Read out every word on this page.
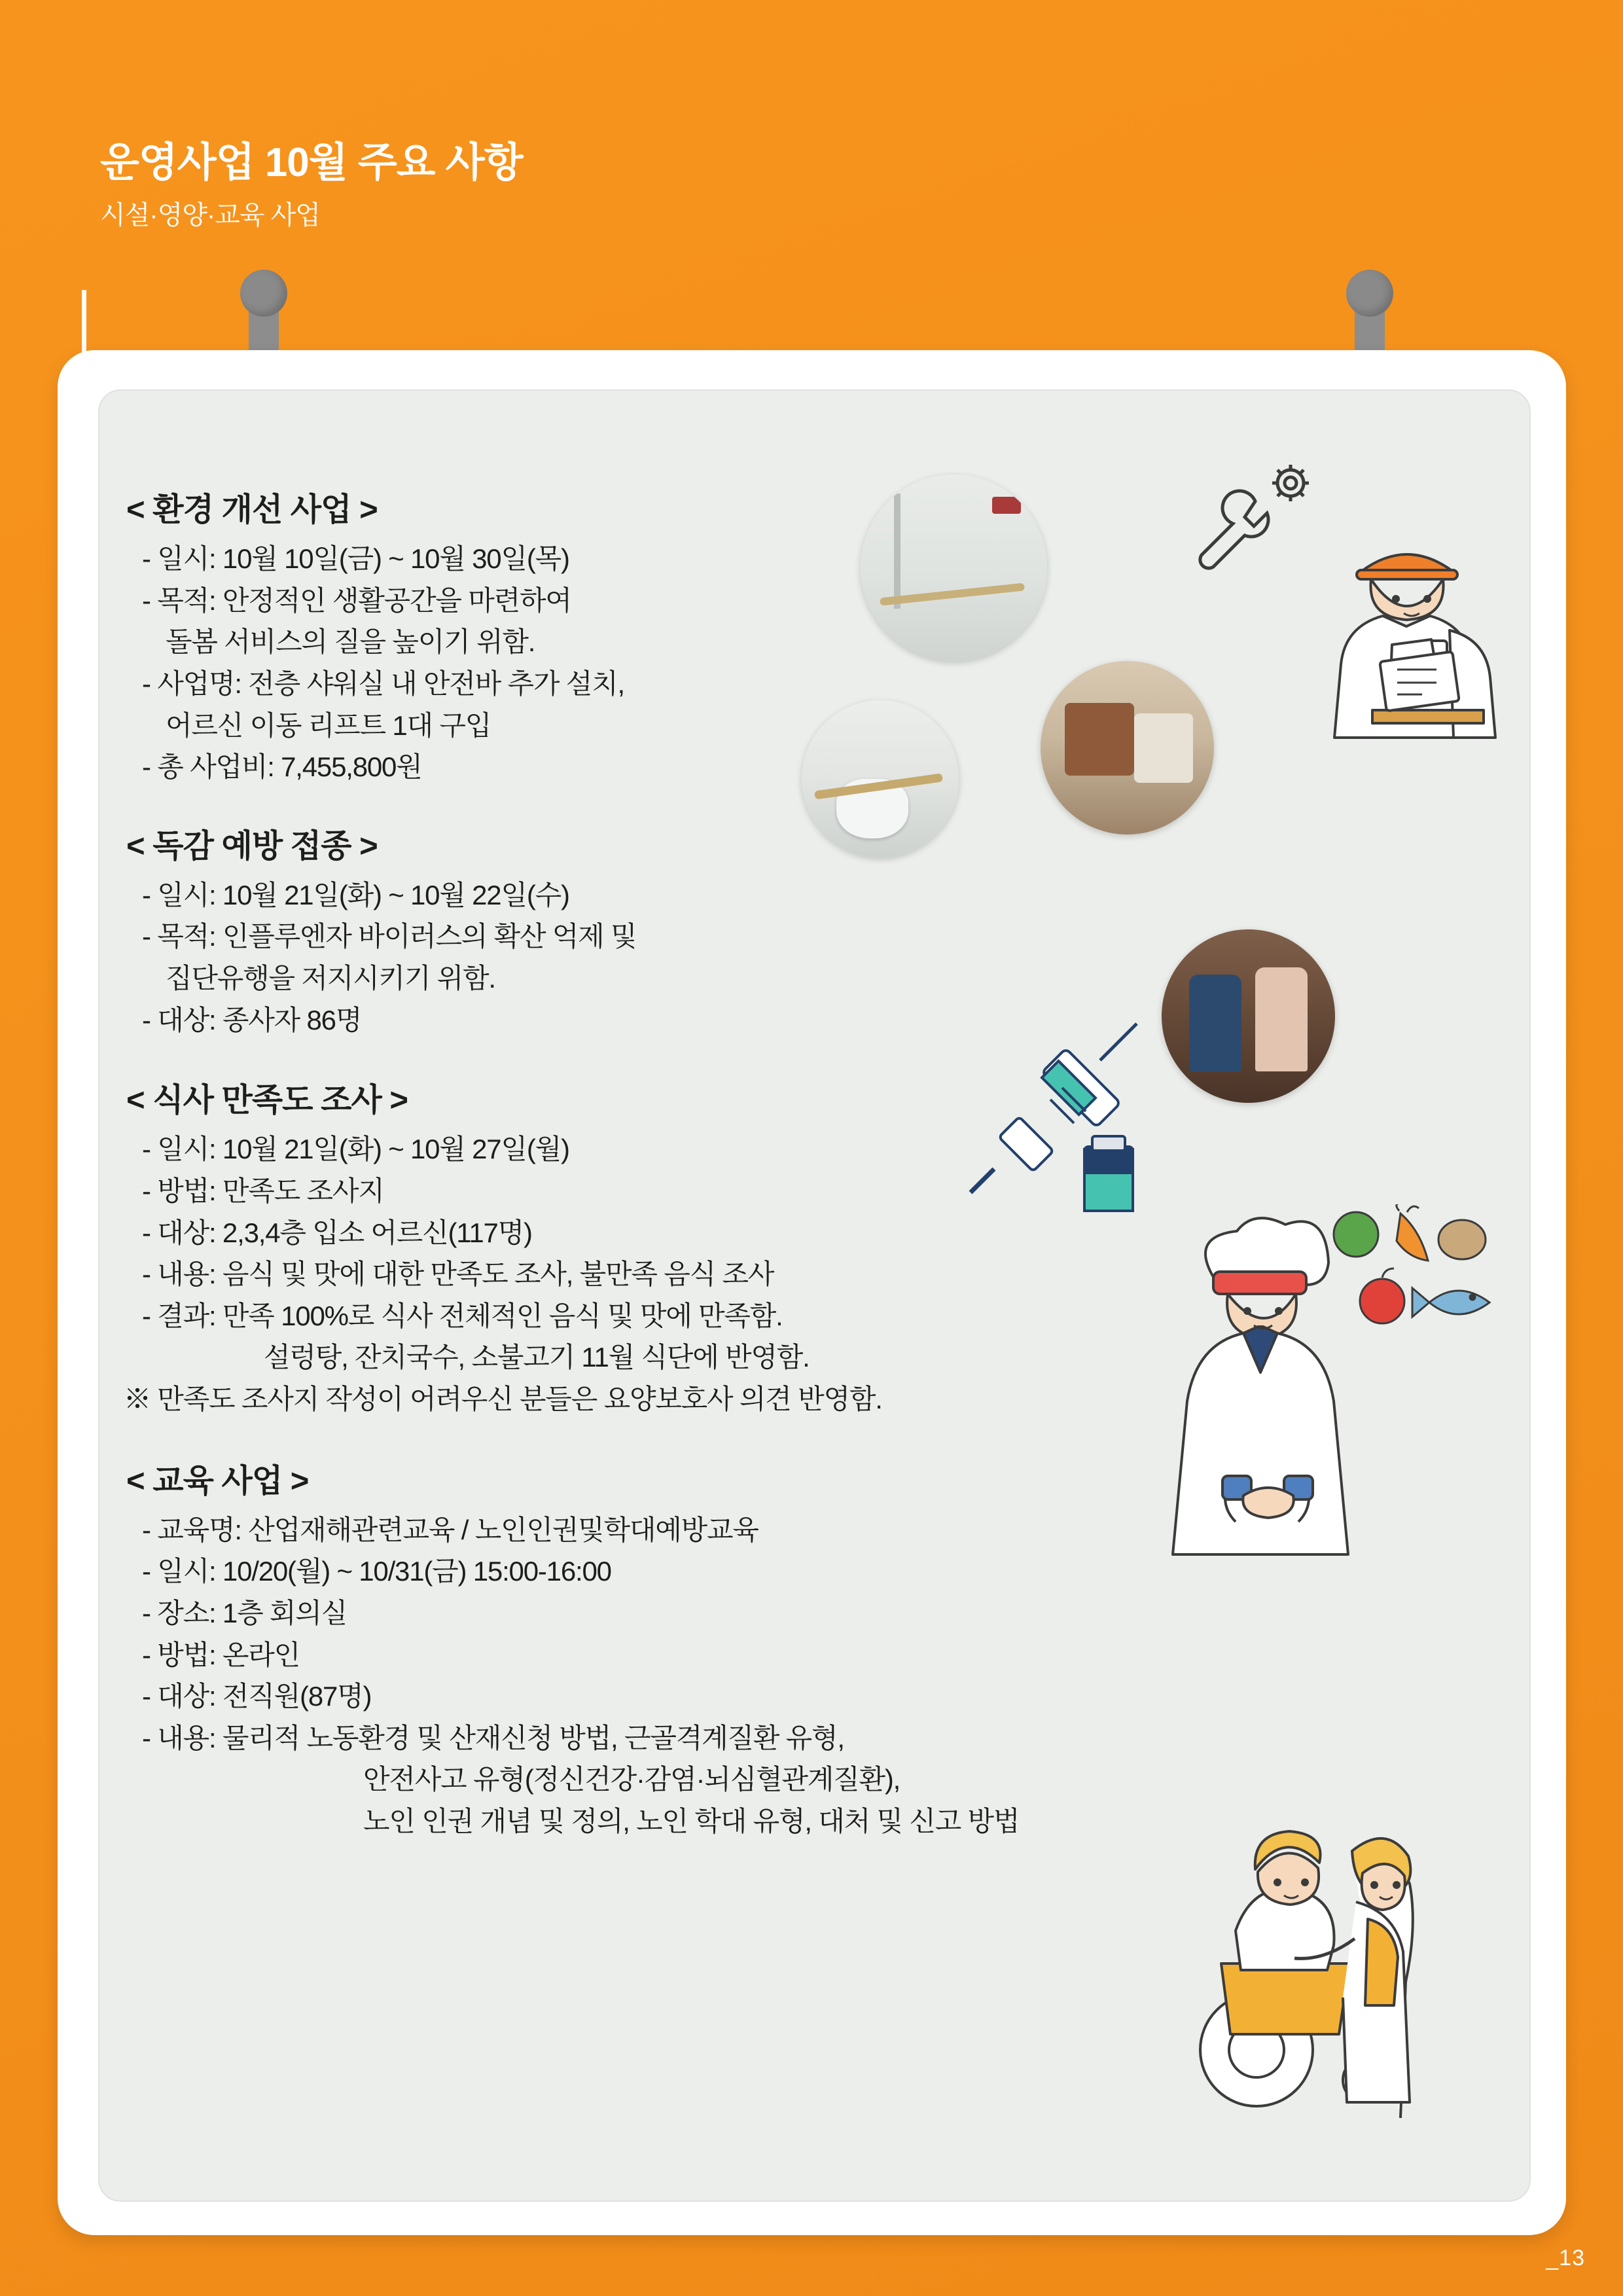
운영사업 10월 주요 사항
시설·영양·교육 사업
< 환경 개선 사업 >
- 일시: 10월 10일(금) ~ 10월 30일(목)
- 목적: 안정적인 생활공간을 마련하여
돌봄 서비스의 질을 높이기 위함.
- 사업명: 전층 샤워실 내 안전바 추가 설치,
어르신 이동 리프트 1대 구입
- 총 사업비: 7,455,800원
< 독감 예방 접종 >
- 일시: 10월 21일(화) ~ 10월 22일(수)
- 목적: 인플루엔자 바이러스의 확산 억제 및
집단유행을 저지시키기 위함.
- 대상: 종사자 86명
< 식사 만족도 조사 >
- 일시: 10월 21일(화) ~ 10월 27일(월)
- 방법: 만족도 조사지
- 대상: 2,3,4층 입소 어르신(117명)
- 내용: 음식 및 맛에 대한 만족도 조사, 불만족 음식 조사
- 결과: 만족 100%로 식사 전체적인 음식 및 맛에 만족함.
설렁탕, 잔치국수, 소불고기 11월 식단에 반영함.
※ 만족도 조사지 작성이 어려우신 분들은 요양보호사 의견 반영함.
< 교육 사업 >
- 교육명: 산업재해관련교육 / 노인인권및학대예방교육
- 일시: 10/20(월) ~ 10/31(금) 15:00-16:00
- 장소: 1층 회의실
- 방법: 온라인
- 대상: 전직원(87명)
- 내용: 물리적 노동환경 및 산재신청 방법, 근골격계질환 유형,
안전사고 유형(정신건강·감염·뇌심혈관계질환),
노인 인권 개념 및 정의, 노인 학대 유형, 대처 및 신고 방법
_13
